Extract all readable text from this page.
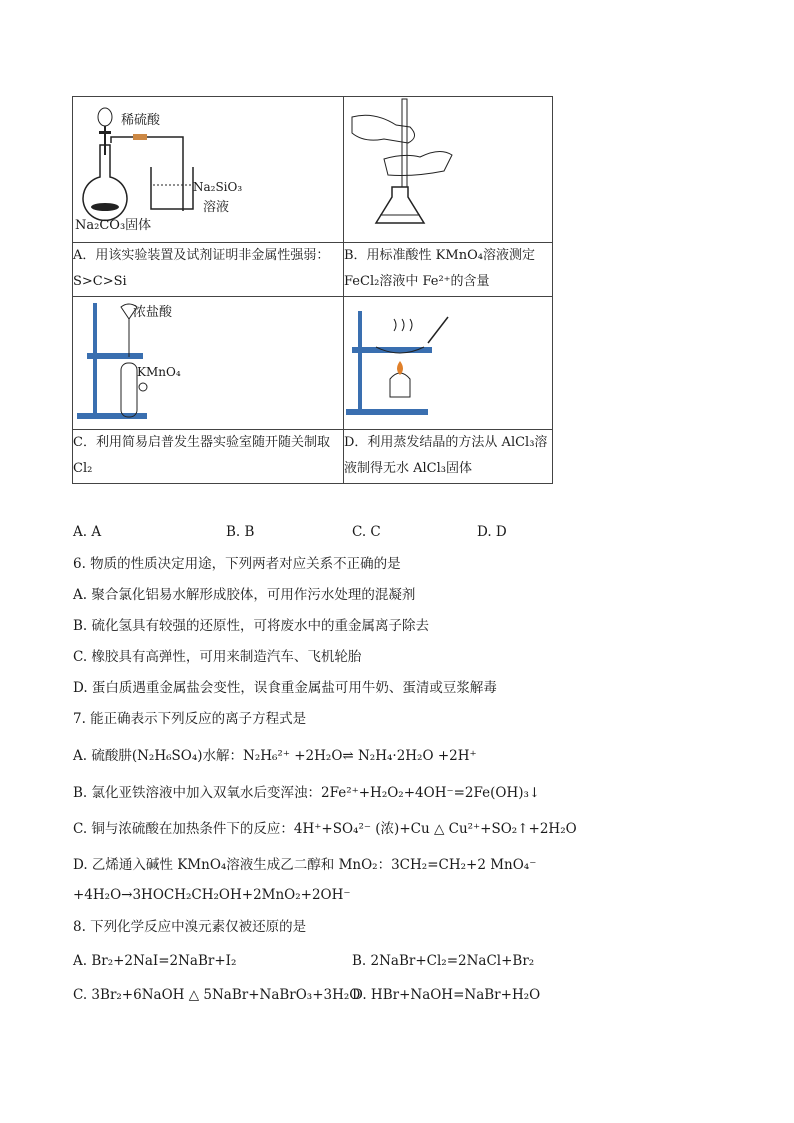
稀硫酸
Na₂CO₃固体
Na₂SiO₃
溶液

A．用该实验装置及试剂证明非金属性强弱：S>C>Si	B．用标准酸性 KMnO₄溶液测定 FeCl₂溶液中 Fe²⁺的含量

浓盐酸
KMnO₄

C．利用简易启普发生器实验室随开随关制取 Cl₂	D．利用蒸发结晶的方法从 AlCl₃溶液制得无水 AlCl₃固体
A. A	B. B	C. C	D. D
6. 物质的性质决定用途，下列两者对应关系不正确的是
A. 聚合氯化铝易水解形成胶体，可用作污水处理的混凝剂
B. 硫化氢具有较强的还原性，可将废水中的重金属离子除去
C. 橡胶具有高弹性，可用来制造汽车、飞机轮胎
D. 蛋白质遇重金属盐会变性，误食重金属盐可用牛奶、蛋清或豆浆解毒
7. 能正确表示下列反应的离子方程式是
A. 硫酸肼(N₂H₆SO₄)水解：N₂H₆²⁺ +2H₂O⇌ N₂H₄·2H₂O +2H⁺
B. 氯化亚铁溶液中加入双氧水后变浑浊：2Fe²⁺+H₂O₂+4OH⁻=2Fe(OH)₃↓
C. 铜与浓硫酸在加热条件下的反应：4H⁺+SO₄²⁻ (浓)+Cu △ Cu²⁺+SO₂↑+2H₂O
D. 乙烯通入碱性 KMnO₄溶液生成乙二醇和 MnO₂：3CH₂=CH₂+2 MnO₄⁻
+4H₂O→3HOCH₂CH₂OH+2MnO₂+2OH⁻
8. 下列化学反应中溴元素仅被还原的是
A. Br₂+2NaI=2NaBr+I₂	B. 2NaBr+Cl₂=2NaCl+Br₂
C. 3Br₂+6NaOH △ 5NaBr+NaBrO₃+3H₂O
D. HBr+NaOH=NaBr+H₂O
